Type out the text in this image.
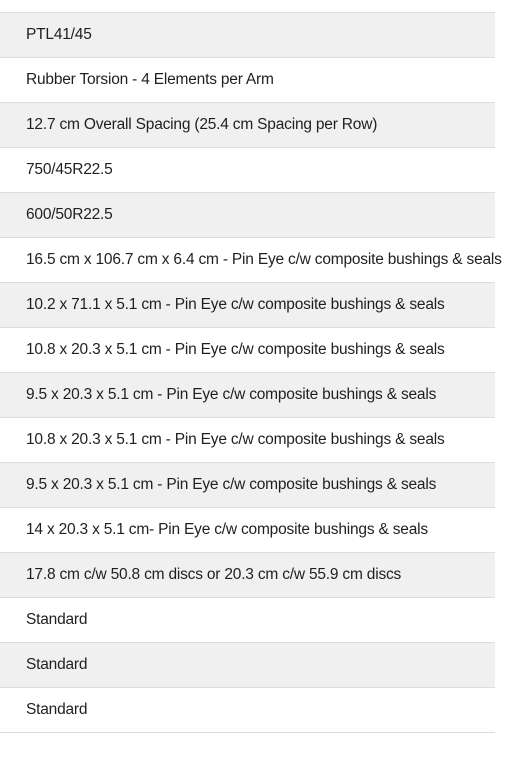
PTL41/45
Rubber Torsion - 4 Elements per Arm
12.7 cm Overall Spacing (25.4 cm Spacing per Row)
750/45R22.5
600/50R22.5
16.5 cm x 106.7 cm x 6.4 cm - Pin Eye c/w composite bushings & seals
10.2 x 71.1 x 5.1 cm - Pin Eye c/w composite bushings & seals
10.8 x 20.3 x 5.1 cm - Pin Eye c/w composite bushings & seals
9.5 x 20.3 x 5.1 cm - Pin Eye c/w composite bushings & seals
10.8 x 20.3 x 5.1 cm - Pin Eye c/w composite bushings & seals
9.5 x 20.3 x 5.1 cm - Pin Eye c/w composite bushings & seals
14 x 20.3 x 5.1 cm- Pin Eye c/w composite bushings & seals
17.8 cm c/w 50.8 cm discs or 20.3 cm c/w 55.9 cm discs
Standard
Standard
Standard
